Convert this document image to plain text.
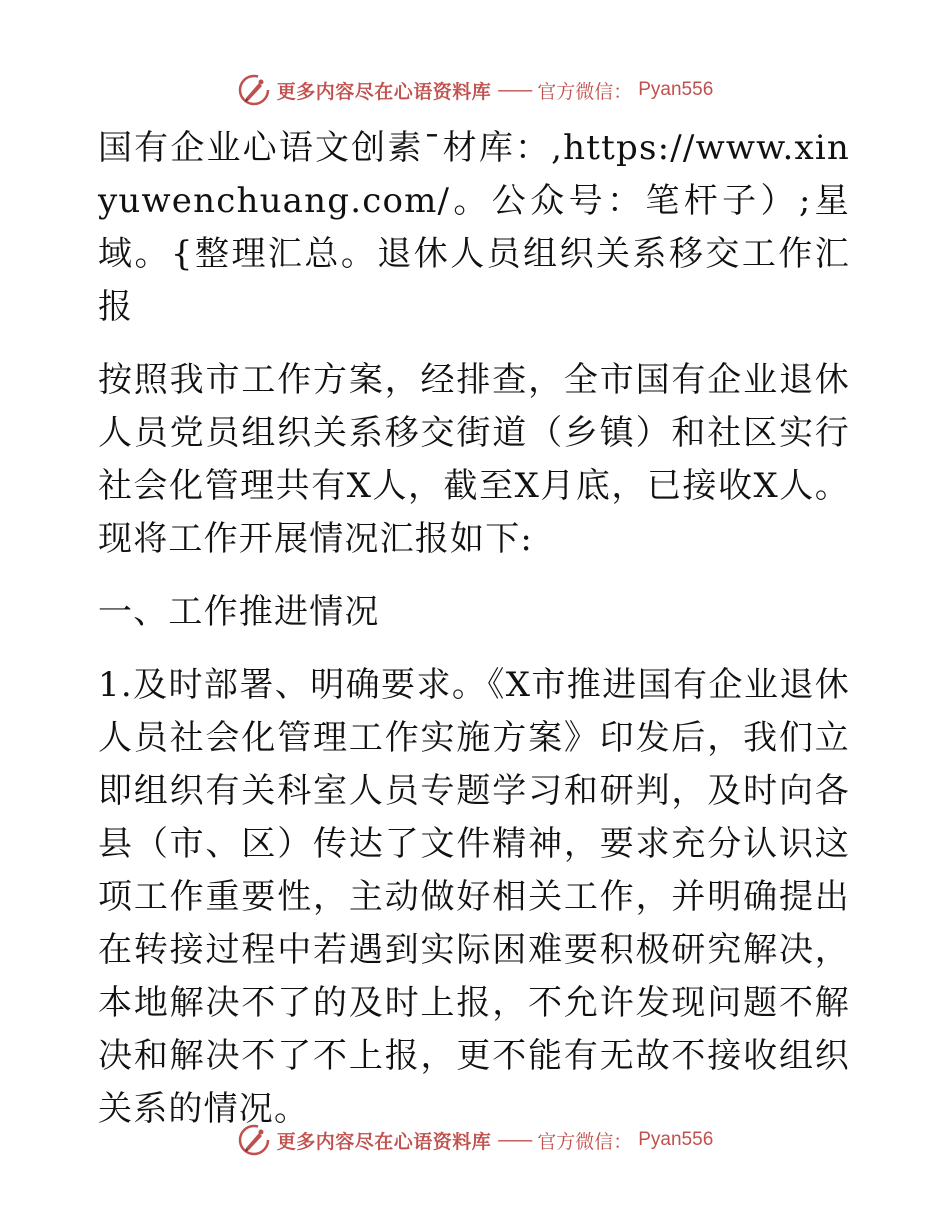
更多内容尽在心语资料库 —— 官方微信： Pyan556

国有企业心语文创素¯材库：,https://www.xinyuwenchuang.com/。公众号：笔杆子）;星域。{整理汇总。退休人员组织关系移交工作汇报

按照我市工作方案，经排查，全市国有企业退休人员党员组织关系移交街道（乡镇）和社区实行社会化管理共有X人，截至X月底，已接收X人。现将工作开展情况汇报如下:

一、工作推进情况

1.及时部署、明确要求。《X市推进国有企业退休人员社会化管理工作实施方案》印发后，我们立即组织有关科室人员专题学习和研判，及时向各县（市、区）传达了文件精神，要求充分认识这项工作重要性，主动做好相关工作，并明确提出在转接过程中若遇到实际困难要积极研究解决，本地解决不了的及时上报，不允许发现问题不解决和解决不了不上报，更不能有无故不接收组织关系的情况。

更多内容尽在心语资料库 —— 官方微信： Pyan556
